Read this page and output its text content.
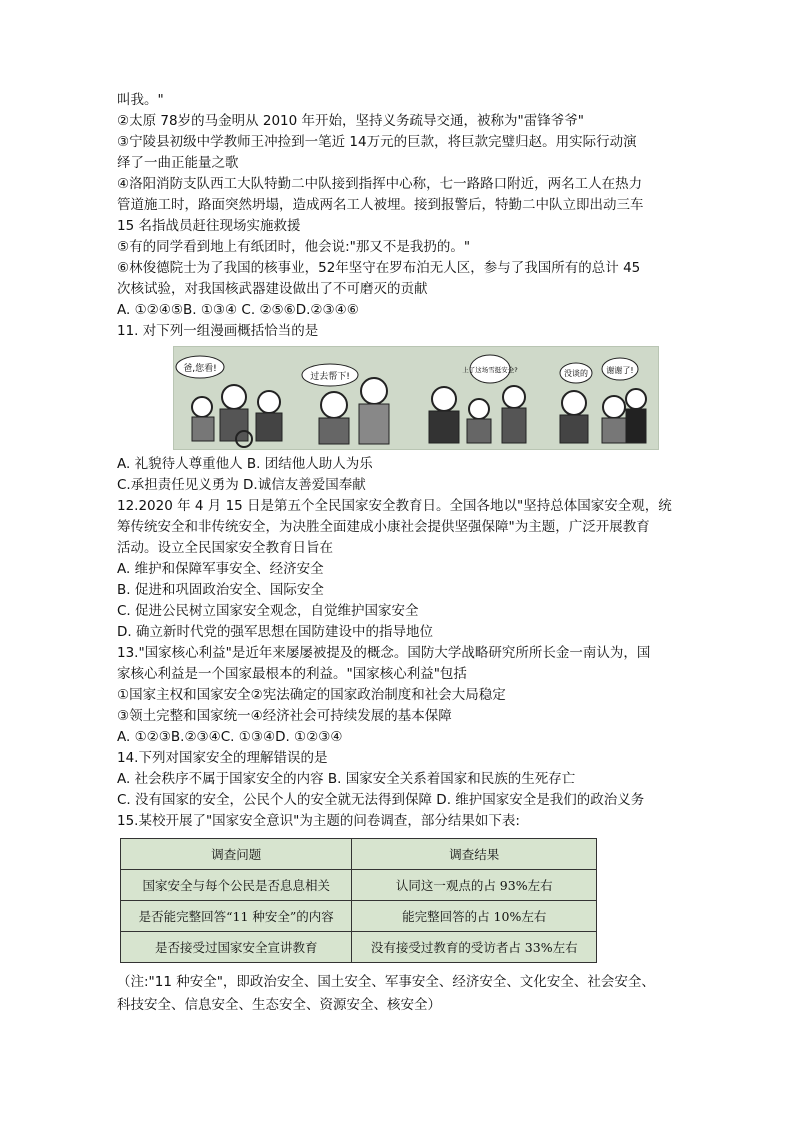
叫我。"
②太原 78岁的马金明从 2010 年开始，坚持义务疏导交通，被称为"雷锋爷爷"
③宁陵县初级中学教师王冲捡到一笔近 14万元的巨款，将巨款完璧归赵。用实际行动演
绎了一曲正能量之歌
④洛阳消防支队西工大队特勤二中队接到指挥中心称，七一路路口附近，两名工人在热力
管道施工时，路面突然坍塌，造成两名工人被埋。接到报警后，特勤二中队立即出动三车
15 名指战员赶往现场实施救援
⑤有的同学看到地上有纸团时，他会说:"那又不是我扔的。"
⑥林俊德院士为了我国的核事业，52年坚守在罗布泊无人区，参与了我国所有的总计 45
次核试验，对我国核武器建设做出了不可磨灭的贡献
A. ①②④⑤B. ①③④ C. ②⑤⑥D.②③④⑥
11. 对下列一组漫画概括恰当的是
爸,您看!
过去帮下!
上了这场雪挺安全?	没谈的 谢谢了!
A. 礼貌待人尊重他人 B. 团结他人助人为乐
C.承担责任见义勇为 D.诚信友善爱国奉献
12.2020 年 4 月 15 日是第五个全民国家安全教育日。全国各地以"坚持总体国家安全观，统
筹传统安全和非传统安全，为决胜全面建成小康社会提供坚强保障"为主题，广泛开展教育
活动。设立全民国家安全教育日旨在
A. 维护和保障军事安全、经济安全
B. 促进和巩固政治安全、国际安全
C. 促进公民树立国家安全观念，自觉维护国家安全
D. 确立新时代党的强军思想在国防建设中的指导地位
13."国家核心利益"是近年来屡屡被提及的概念。国防大学战略研究所所长金一南认为，国
家核心利益是一个国家最根本的利益。"国家核心利益"包括
①国家主权和国家安全②宪法确定的国家政治制度和社会大局稳定
③领土完整和国家统一④经济社会可持续发展的基本保障
A. ①②③B.②③④C. ①③④D. ①②③④
14.下列对国家安全的理解错误的是
A. 社会秩序不属于国家安全的内容 B. 国家安全关系着国家和民族的生死存亡
C. 没有国家的安全，公民个人的安全就无法得到保障 D. 维护国家安全是我们的政治义务
15.某校开展了"国家安全意识"为主题的问卷调查，部分结果如下表:
调查问题	调查结果
国家安全与每个公民是否息息相关	认同这一观点的占 93%左右
是否能完整回答“11 种安全”的内容	能完整回答的占 10%左右
是否接受过国家安全宣讲教育	没有接受过教育的受访者占 33%左右
（注:"11 种安全"，即政治安全、国土安全、军事安全、经济安全、文化安全、社会安全、
科技安全、信息安全、生态安全、资源安全、核安全）
